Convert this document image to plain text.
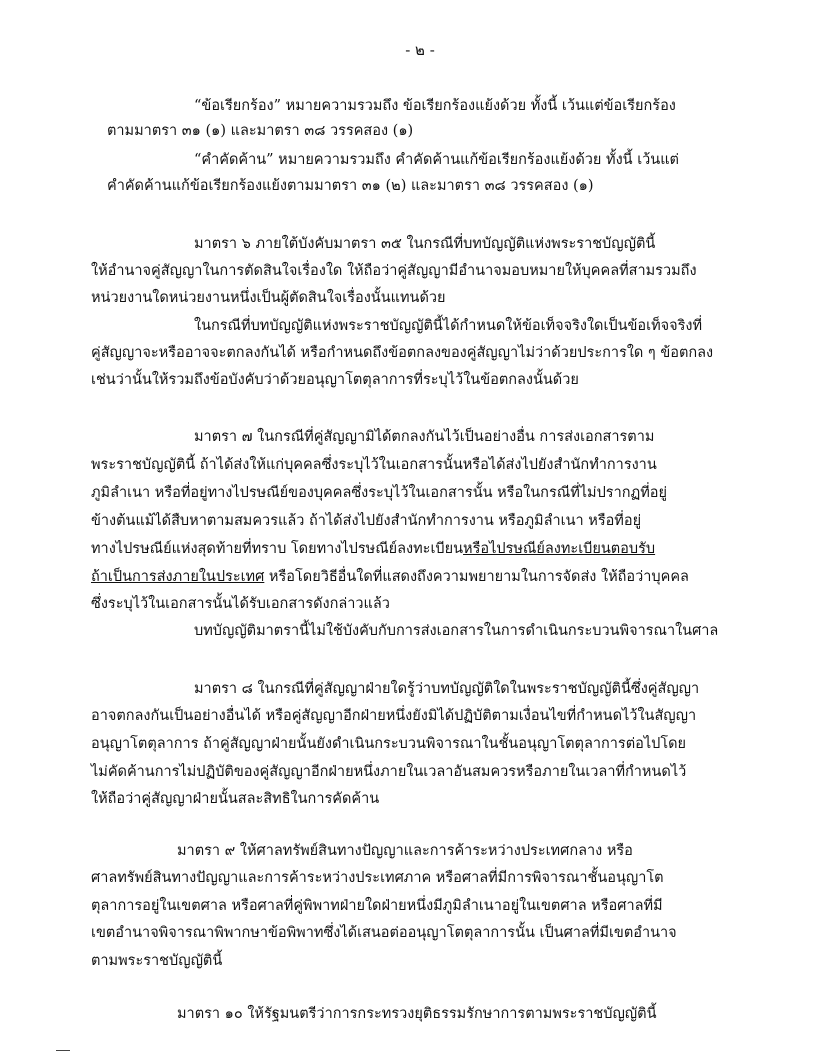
- ๒ -
“ข้อเรียกร้อง” หมายความรวมถึง ข้อเรียกร้องแย้งด้วย ทั้งนี้ เว้นแต่ข้อเรียกร้อง
ตามมาตรา ๓๑ (๑) และมาตรา ๓๘ วรรคสอง (๑)
“คำคัดค้าน” หมายความรวมถึง คำคัดค้านแก้ข้อเรียกร้องแย้งด้วย ทั้งนี้ เว้นแต่
คำคัดค้านแก้ข้อเรียกร้องแย้งตามมาตรา ๓๑ (๒) และมาตรา ๓๘ วรรคสอง (๑)
มาตรา ๖ ภายใต้บังคับมาตรา ๓๕ ในกรณีที่บทบัญญัติแห่งพระราชบัญญัตินี้
ให้อำนาจคู่สัญญาในการตัดสินใจเรื่องใด ให้ถือว่าคู่สัญญามีอำนาจมอบหมายให้บุคคลที่สามรวมถึง
หน่วยงานใดหน่วยงานหนึ่งเป็นผู้ตัดสินใจเรื่องนั้นแทนด้วย
ในกรณีที่บทบัญญัติแห่งพระราชบัญญัตินี้ได้กำหนดให้ข้อเท็จจริงใดเป็นข้อเท็จจริงที่
คู่สัญญาจะหรืออาจจะตกลงกันได้ หรือกำหนดถึงข้อตกลงของคู่สัญญาไม่ว่าด้วยประการใด ๆ ข้อตกลง
เช่นว่านั้นให้รวมถึงข้อบังคับว่าด้วยอนุญาโตตุลาการที่ระบุไว้ในข้อตกลงนั้นด้วย
มาตรา ๗ ในกรณีที่คู่สัญญามิได้ตกลงกันไว้เป็นอย่างอื่น การส่งเอกสารตาม
พระราชบัญญัตินี้ ถ้าได้ส่งให้แก่บุคคลซึ่งระบุไว้ในเอกสารนั้นหรือได้ส่งไปยังสำนักทำการงาน
ภูมิลำเนา หรือที่อยู่ทางไปรษณีย์ของบุคคลซึ่งระบุไว้ในเอกสารนั้น หรือในกรณีที่ไม่ปรากฏที่อยู่
ข้างต้นแม้ได้สืบหาตามสมควรแล้ว ถ้าได้ส่งไปยังสำนักทำการงาน หรือภูมิลำเนา หรือที่อยู่
ทางไปรษณีย์แห่งสุดท้ายที่ทราบ โดยทางไปรษณีย์ลงทะเบียนหรือไปรษณีย์ลงทะเบียนตอบรับ
ถ้าเป็นการส่งภายในประเทศ หรือโดยวิธีอื่นใดที่แสดงถึงความพยายามในการจัดส่ง ให้ถือว่าบุคคล
ซึ่งระบุไว้ในเอกสารนั้นได้รับเอกสารดังกล่าวแล้ว
บทบัญญัติมาตรานี้ไม่ใช้บังคับกับการส่งเอกสารในการดำเนินกระบวนพิจารณาในศาล
มาตรา ๘ ในกรณีที่คู่สัญญาฝ่ายใดรู้ว่าบทบัญญัติใดในพระราชบัญญัตินี้ซึ่งคู่สัญญา
อาจตกลงกันเป็นอย่างอื่นได้ หรือคู่สัญญาอีกฝ่ายหนึ่งยังมิได้ปฏิบัติตามเงื่อนไขที่กำหนดไว้ในสัญญา
อนุญาโตตุลาการ ถ้าคู่สัญญาฝ่ายนั้นยังดำเนินกระบวนพิจารณาในชั้นอนุญาโตตุลาการต่อไปโดย
ไม่คัดค้านการไม่ปฏิบัติของคู่สัญญาอีกฝ่ายหนึ่งภายในเวลาอันสมควรหรือภายในเวลาที่กำหนดไว้
ให้ถือว่าคู่สัญญาฝ่ายนั้นสละสิทธิในการคัดค้าน
มาตรา ๙ ให้ศาลทรัพย์สินทางปัญญาและการค้าระหว่างประเทศกลาง หรือ
ศาลทรัพย์สินทางปัญญาและการค้าระหว่างประเทศภาค หรือศาลที่มีการพิจารณาชั้นอนุญาโต
ตุลาการอยู่ในเขตศาล หรือศาลที่คู่พิพาทฝ่ายใดฝ่ายหนึ่งมีภูมิลำเนาอยู่ในเขตศาล หรือศาลที่มี
เขตอำนาจพิจารณาพิพากษาข้อพิพาทซึ่งได้เสนอต่ออนุญาโตตุลาการนั้น เป็นศาลที่มีเขตอำนาจ
ตามพระราชบัญญัตินี้
มาตรา ๑๐ ให้รัฐมนตรีว่าการกระทรวงยุติธรรมรักษาการตามพระราชบัญญัตินี้
